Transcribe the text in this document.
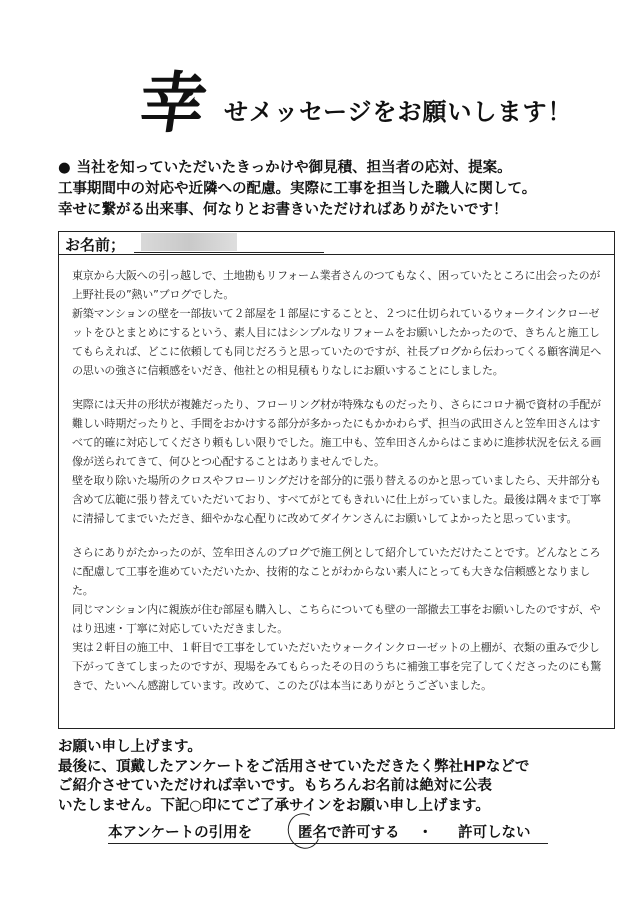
幸 せメッセージをお願いします！
● 当社を知っていただいたきっかけや御見積、担当者の応対、提案。
工事期間中の対応や近隣への配慮。実際に工事を担当した職人に関して。
幸せに繋がる出来事、何なりとお書きいただければありがたいです！
お名前；

東京から大阪への引っ越しで、土地勘もリフォーム業者さんのつてもなく、困っていたところに出会ったのが上野社長の”熱い”ブログでした。

新築マンションの壁を一部抜いて２部屋を１部屋にすることと、２つに仕切られているウォークインクローゼットをひとまとめにするという、素人目にはシンプルなリフォームをお願いしたかったので、きちんと施工してもらえれば、どこに依頼しても同じだろうと思っていたのですが、社長ブログから伝わってくる顧客満足への思いの強さに信頼感をいだき、他社との相見積もりなしにお願いすることにしました。

実際には天井の形状が複雑だったり、フローリング材が特殊なものだったり、さらにコロナ禍で資材の手配が難しい時期だったりと、手間をおかけする部分が多かったにもかかわらず、担当の武田さんと笠牟田さんはすべて的確に対応してくださり頼もしい限りでした。施工中も、笠牟田さんからはこまめに進捗状況を伝える画像が送られてきて、何ひとつ心配することはありませんでした。

壁を取り除いた場所のクロスやフローリングだけを部分的に張り替えるのかと思っていましたら、天井部分も含めて広範に張り替えていただいており、すべてがとてもきれいに仕上がっていました。最後は隅々まで丁寧に清掃してまでいただき、細やかな心配りに改めてダイケンさんにお願いしてよかったと思っています。

さらにありがたかったのが、笠牟田さんのブログで施工例として紹介していただけたことです。どんなところに配慮して工事を進めていただいたか、技術的なことがわからない素人にとっても大きな信頼感となりました。

同じマンション内に親族が住む部屋も購入し、こちらについても壁の一部撤去工事をお願いしたのですが、やはり迅速・丁寧に対応していただきました。

実は２軒目の施工中、１軒目で工事をしていただいたウォークインクローゼットの上棚が、衣類の重みで少し下がってきてしまったのですが、現場をみてもらったその日のうちに補強工事を完了してくださったのにも驚きで、たいへん感謝しています。改めて、このたびは本当にありがとうございました。

お願い申し上げます。
最後に、頂戴したアンケートをご活用させていただきたく弊社HPなどで
ご紹介させていただければ幸いです。もちろんお名前は絶対に公表
いたしません。下記○印にてご了承サインをお願い申し上げます。
本アンケートの引用を	匿名で許可する ・ 許可しない
